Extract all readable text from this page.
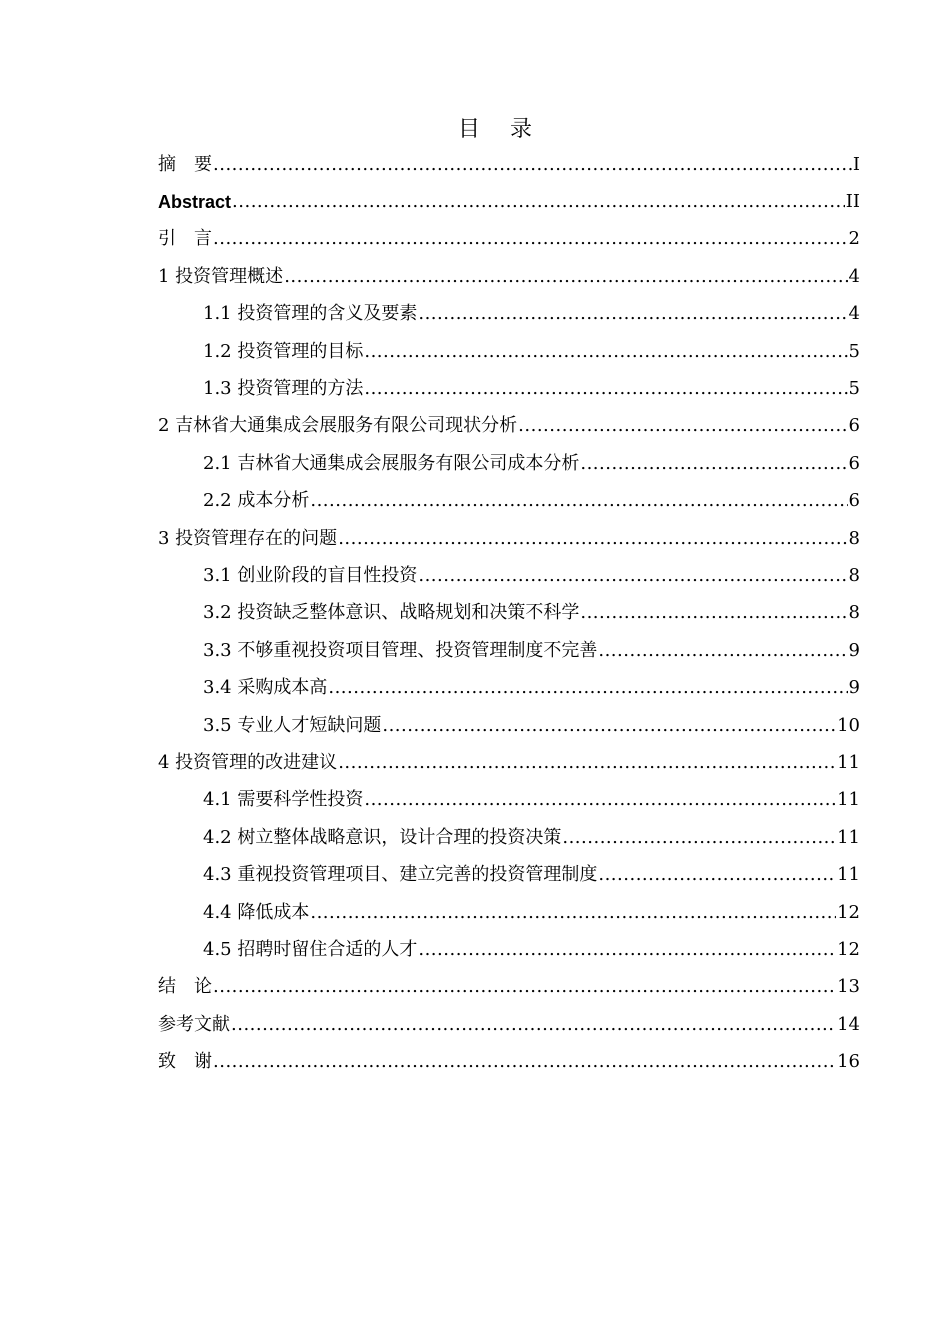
目 录
摘　要 .....	I
Abstract .....	II
引　言 .....	2
1 投资管理概述 .....	4
1.1 投资管理的含义及要素 .....	4
1.2 投资管理的目标 .....	5
1.3 投资管理的方法 .....	5
2 吉林省大通集成会展服务有限公司现状分析 .....	6
2.1 吉林省大通集成会展服务有限公司成本分析 .....	6
2.2 成本分析 .....	6
3 投资管理存在的问题 .....	8
3.1 创业阶段的盲目性投资 .....	8
3.2 投资缺乏整体意识、战略规划和决策不科学 .....	8
3.3 不够重视投资项目管理、投资管理制度不完善 .....	9
3.4 采购成本高 .....	9
3.5 专业人才短缺问题 .....	10
4 投资管理的改进建议 .....	11
4.1 需要科学性投资 .....	11
4.2 树立整体战略意识，设计合理的投资决策 .....	11
4.3 重视投资管理项目、建立完善的投资管理制度 .....	11
4.4 降低成本 .....	12
4.5 招聘时留住合适的人才 .....	12
结　论 .....	13
参考文献 .....	14
致　谢 .....	16
